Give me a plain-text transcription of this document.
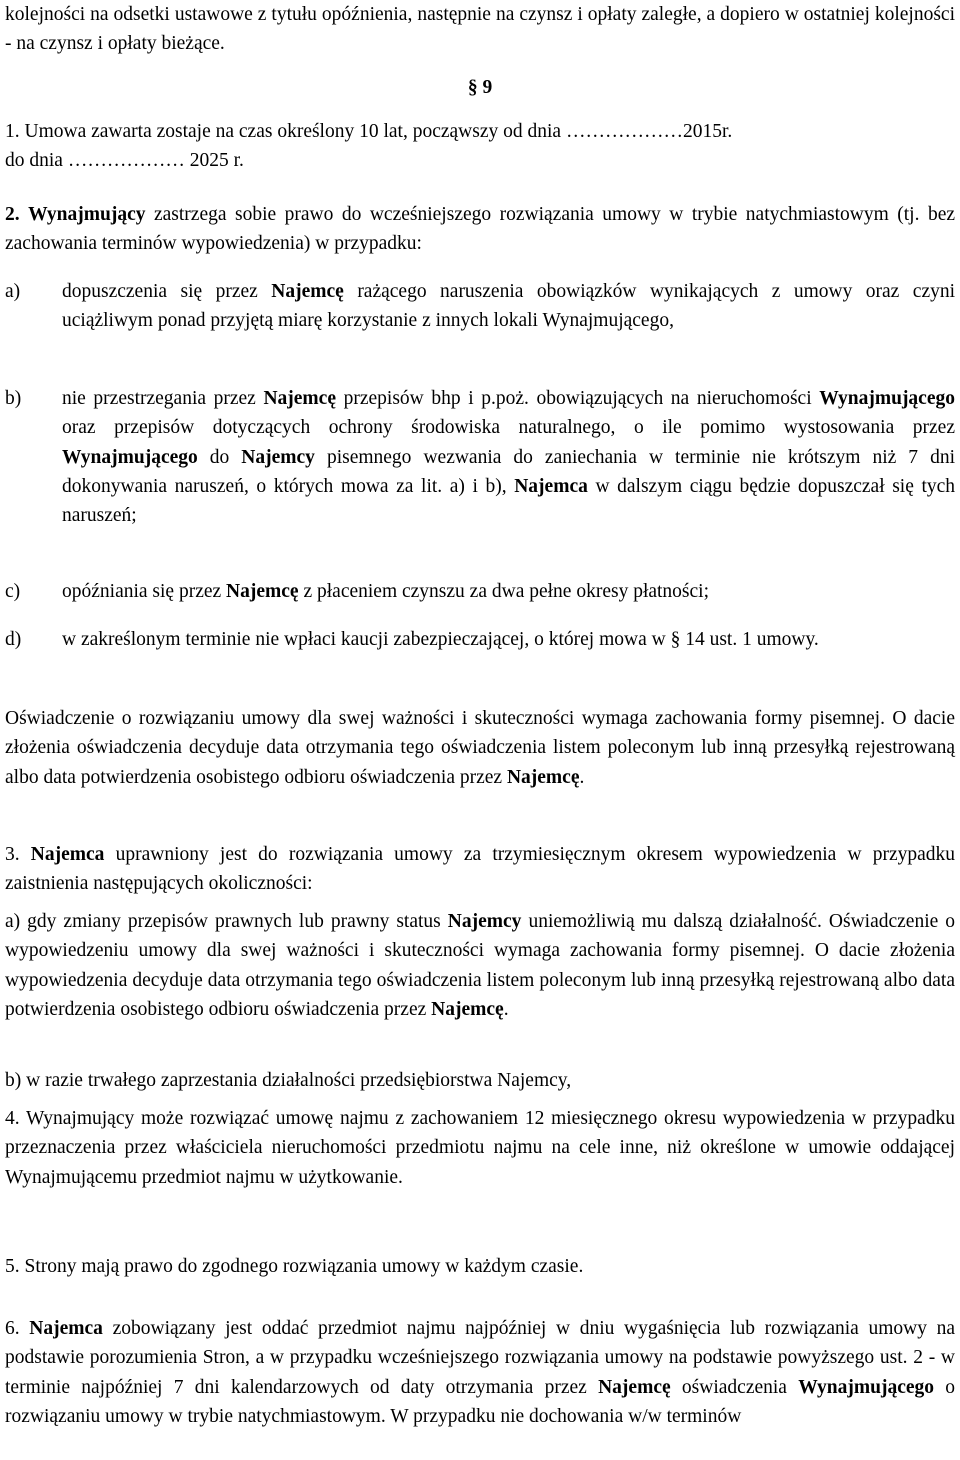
kolejności na odsetki ustawowe z tytułu opóźnienia, następnie na czynsz i opłaty zaległe, a dopiero w ostatniej kolejności - na czynsz i opłaty bieżące.

§ 9

1. Umowa zawarta zostaje na czas określony 10 lat, począwszy od dnia ………………2015r.
do dnia ……………… 2025 r.

2. Wynajmujący zastrzega sobie prawo do wcześniejszego rozwiązania umowy w trybie natychmiastowym (tj. bez zachowania terminów wypowiedzenia) w przypadku:

a) dopuszczenia się przez Najemcę rażącego naruszenia obowiązków wynikających z umowy oraz czyni uciążliwym ponad przyjętą miarę korzystanie z innych lokali Wynajmującego,
b) nie przestrzegania przez Najemcę przepisów bhp i p.poż. obowiązujących na nieruchomości Wynajmującego oraz przepisów dotyczących ochrony środowiska naturalnego, o ile pomimo wystosowania przez Wynajmującego do Najemcy pisemnego wezwania do zaniechania w terminie nie krótszym niż 7 dni dokonywania naruszeń, o których mowa za lit. a) i b), Najemca w dalszym ciągu będzie dopuszczał się tych naruszeń;
c) opóźniania się przez Najemcę z płaceniem czynszu za dwa pełne okresy płatności;
d) w zakreślonym terminie nie wpłaci kaucji zabezpieczającej, o której mowa w § 14 ust. 1 umowy.

Oświadczenie o rozwiązaniu umowy dla swej ważności i skuteczności wymaga zachowania formy pisemnej. O dacie złożenia oświadczenia decyduje data otrzymania tego oświadczenia listem poleconym lub inną przesyłką rejestrowaną albo data potwierdzenia osobistego odbioru oświadczenia przez Najemcę.

3. Najemca uprawniony jest do rozwiązania umowy za trzymiesięcznym okresem wypowiedzenia w przypadku zaistnienia następujących okoliczności:

a) gdy zmiany przepisów prawnych lub prawny status Najemcy uniemożliwią mu dalszą działalność. Oświadczenie o wypowiedzeniu umowy dla swej ważności i skuteczności wymaga zachowania formy pisemnej. O dacie złożenia wypowiedzenia decyduje data otrzymania tego oświadczenia listem poleconym lub inną przesyłką rejestrowaną albo data potwierdzenia osobistego odbioru oświadczenia przez Najemcę.

b) w razie trwałego zaprzestania działalności przedsiębiorstwa Najemcy,

4. Wynajmujący może rozwiązać umowę najmu z zachowaniem 12 miesięcznego okresu wypowiedzenia w przypadku przeznaczenia przez właściciela nieruchomości przedmiotu najmu na cele inne, niż określone w umowie oddającej Wynajmującemu przedmiot najmu w użytkowanie.

5. Strony mają prawo do zgodnego rozwiązania umowy w każdym czasie.

6. Najemca zobowiązany jest oddać przedmiot najmu najpóźniej w dniu wygaśnięcia lub rozwiązania umowy na podstawie porozumienia Stron, a w przypadku wcześniejszego rozwiązania umowy na podstawie powyższego ust. 2 - w terminie najpóźniej 7 dni kalendarzowych od daty otrzymania przez Najemcę oświadczenia Wynajmującego o rozwiązaniu umowy w trybie natychmiastowym. W przypadku nie dochowania w/w terminów
